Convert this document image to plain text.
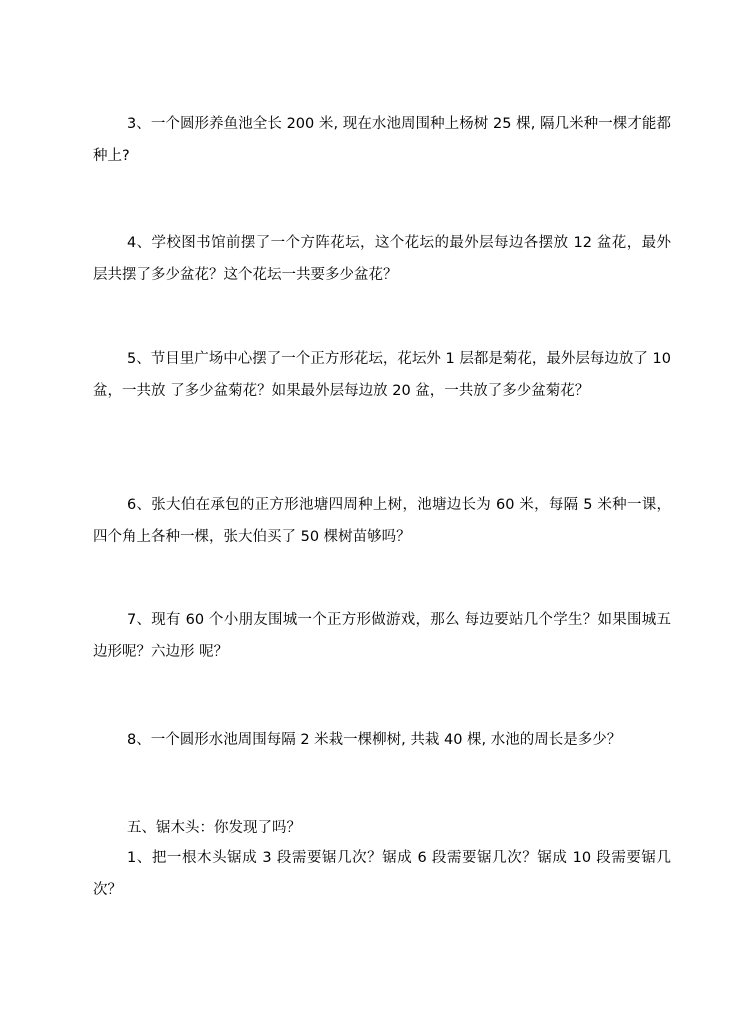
3、一个圆形养鱼池全长 200 米, 现在水池周围种上杨树 25 棵, 隔几米种一棵才能都种上?
4、学校图书馆前摆了一个方阵花坛，这个花坛的最外层每边各摆放 12 盆花，最外层共摆了多少盆花？这个花坛一共要多少盆花？
5、节目里广场中心摆了一个正方形花坛，花坛外 1 层都是菊花，最外层每边放了 10 盆，一共放 了多少盆菊花？如果最外层每边放 20 盆，一共放了多少盆菊花？
6、张大伯在承包的正方形池塘四周种上树，池塘边长为 60 米，每隔 5 米种一课，四个角上各种一棵，张大伯买了 50 棵树苗够吗？
7、现有 60 个小朋友围城一个正方形做游戏，那么 每边要站几个学生？如果围城五边形呢？六边形 呢？
8、一个圆形水池周围每隔 2 米栽一棵柳树, 共栽 40 棵, 水池的周长是多少？
五、锯木头：你发现了吗？
1、把一根木头锯成 3 段需要锯几次？锯成 6 段需要锯几次？锯成 10 段需要锯几次？
